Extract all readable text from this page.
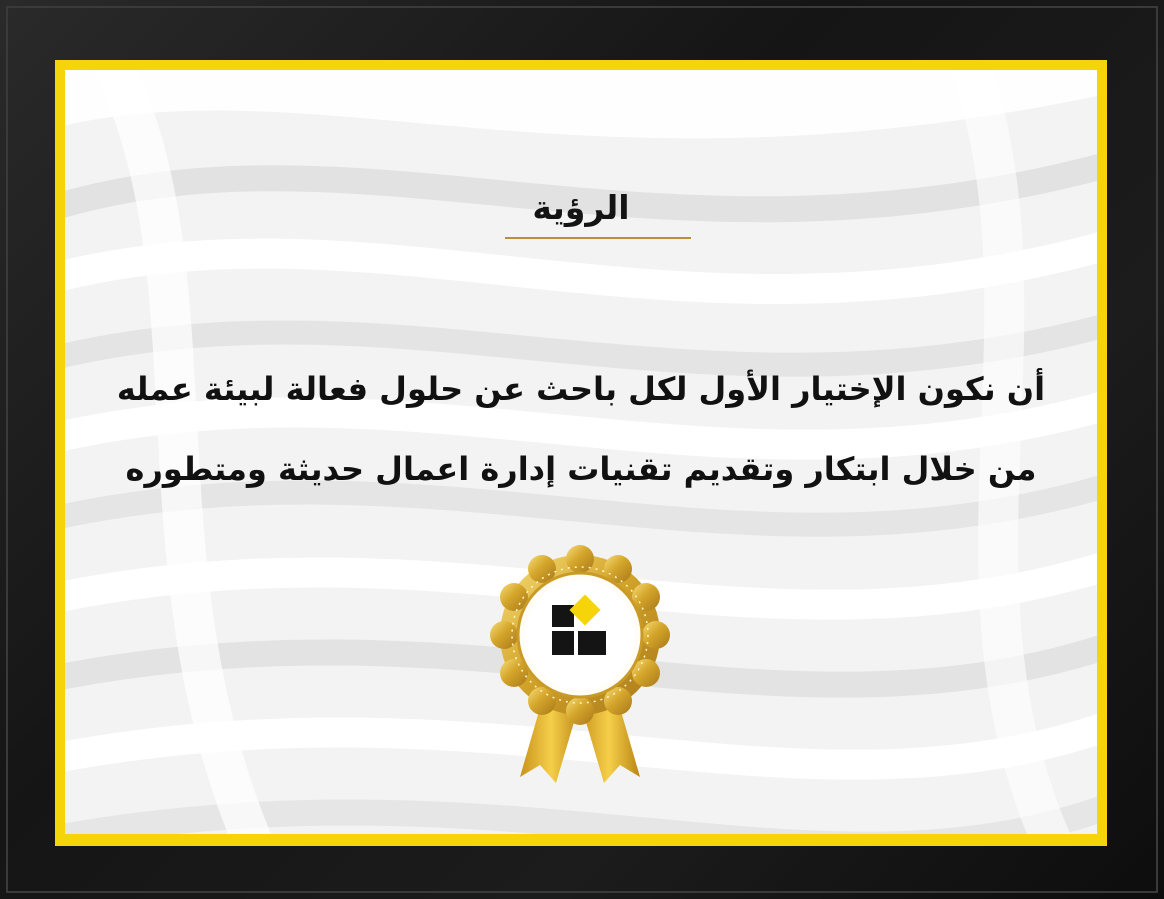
الرؤية
أن نكون الإختيار الأول لكل باحث عن حلول فعالة لبيئة عمله
من خلال ابتكار وتقديم تقنيات إدارة اعمال حديثة ومتطوره
